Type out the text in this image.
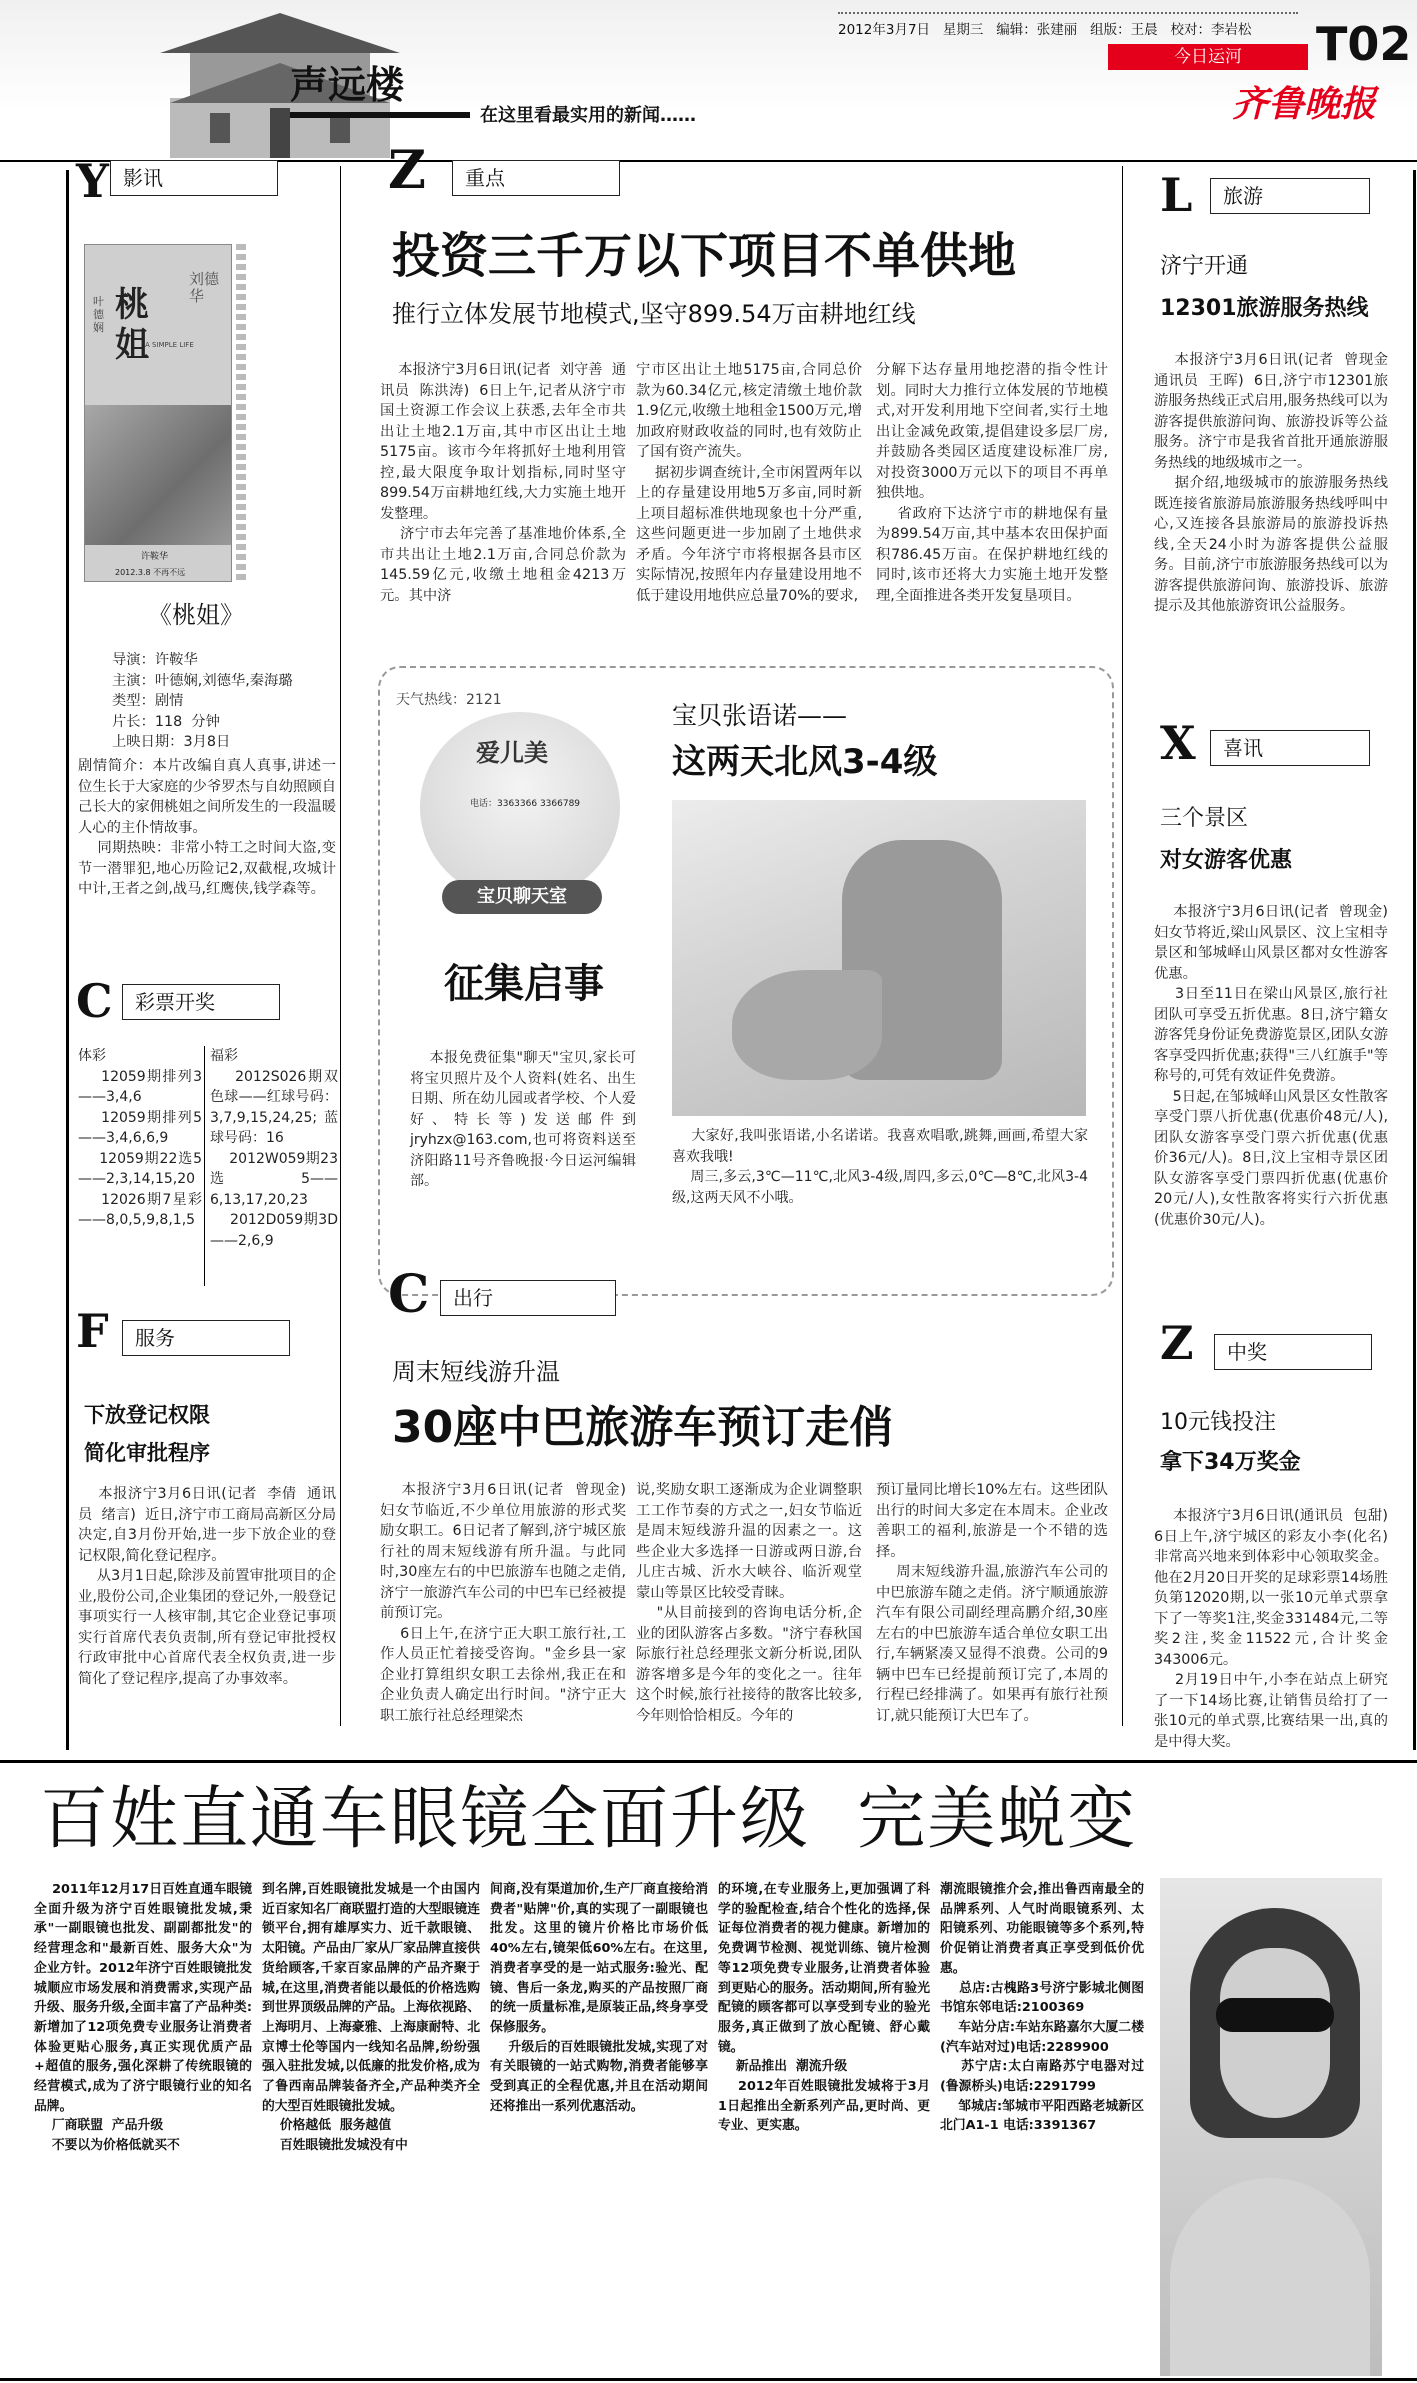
声远楼
在这里看最实用的新闻……
2012年3月7日 星期三 编辑：张建丽 组版：王晨 校对：李岩松
今日运河	T02
齐鲁晚报
Y 影讯
叶德娴
桃姐
刘德华
A SIMPLE LIFE
许鞍华
2012.3.8 不再不远
《桃姐》
导演：许鞍华
主演：叶德娴,刘德华,秦海璐
类型：剧情
片长：118  分钟
上映日期：3月8日
剧情简介：本片改编自真人真事,讲述一位生长于大家庭的少爷罗杰与自幼照顾自己长大的家佣桃姐之间所发生的一段温暖人心的主仆情故事。
同期热映：非常小特工之时间大盗,变节一潜罪犯,地心历险记2,双截棍,攻城计中计,王者之剑,战马,红鹰侠,钱学森等。
C	彩票开奖
体彩
12059期排列3——3,4,6
12059期排列5——3,4,6,6,9
12059期22选5——2,3,14,15,20
12026期7星彩——8,0,5,9,8,1,5
福彩
2012S026期双色球——红球号码：3,7,9,15,24,25;蓝球号码：16
2012W059期23选5——6,13,17,20,23
2012D059期3D——2,6,9
F	服务
下放登记权限
简化审批程序
本报济宁3月6日讯(记者  李倩  通讯员  绪言)  近日,济宁市工商局高新区分局决定,自3月份开始,进一步下放企业的登记权限,简化登记程序。
从3月1日起,除涉及前置审批项目的企业,股份公司,企业集团的登记外,一般登记事项实行一人核审制,其它企业登记事项实行首席代表负责制,所有登记审批授权行政审批中心首席代表全权负责,进一步简化了登记程序,提高了办事效率。
Z	重点
投资三千万以下项目不单供地
推行立体发展节地模式,坚守899.54万亩耕地红线
本报济宁3月6日讯(记者  刘守善  通讯员  陈洪涛)  6日上午,记者从济宁市国土资源工作会议上获悉,去年全市共出让土地2.1万亩,其中市区出让土地5175亩。该市今年将抓好土地利用管控,最大限度争取计划指标,同时坚守899.54万亩耕地红线,大力实施土地开发整理。
济宁市去年完善了基准地价体系,全市共出让土地2.1万亩,合同总价款为145.59亿元,收缴土地租金4213万元。其中济
宁市区出让土地5175亩,合同总价款为60.34亿元,核定清缴土地价款1.9亿元,收缴土地租金1500万元,增加政府财政收益的同时,也有效防止了国有资产流失。
据初步调查统计,全市闲置两年以上的存量建设用地5万多亩,同时新上项目超标准供地现象也十分严重,这些问题更进一步加剧了土地供求矛盾。今年济宁市将根据各县市区实际情况,按照年内存量建设用地不低于建设用地供应总量70%的要求,
分解下达存量用地挖潜的指令性计划。同时大力推行立体发展的节地模式,对开发利用地下空间者,实行土地出让金减免政策,提倡建设多层厂房,并鼓励各类园区适度建设标准厂房,对投资3000万元以下的项目不再单独供地。
省政府下达济宁市的耕地保有量为899.54万亩,其中基本农田保护面积786.45万亩。在保护耕地红线的同时,该市还将大力实施土地开发整理,全面推进各类开发复垦项目。
天气热线：2121
爱儿美
电话：3363366 3366789
宝贝聊天室
征集启事
本报免费征集"聊天"宝贝,家长可将宝贝照片及个人资料(姓名、出生日期、所在幼儿园或者学校、个人爱好、特长等)发送邮件到jryhzx@163.com,也可将资料送至济阳路11号齐鲁晚报·今日运河编辑部。
宝贝张语诺——
这两天北风3-4级
大家好,我叫张语诺,小名诺诺。我喜欢唱歌,跳舞,画画,希望大家喜欢我哦!
周三,多云,3℃—11℃,北风3-4级,周四,多云,0℃—8℃,北风3-4级,这两天风不小哦。
C	出行
周末短线游升温
30座中巴旅游车预订走俏
本报济宁3月6日讯(记者  曾现金)  妇女节临近,不少单位用旅游的形式奖励女职工。6日记者了解到,济宁城区旅行社的周末短线游有所升温。与此同时,30座左右的中巴旅游车也随之走俏,济宁一旅游汽车公司的中巴车已经被提前预订完。
6日上午,在济宁正大职工旅行社,工作人员正忙着接受咨询。"金乡县一家企业打算组织女职工去徐州,我正在和企业负责人确定出行时间。"济宁正大职工旅行社总经理梁杰
说,奖励女职工逐渐成为企业调整职工工作节奏的方式之一,妇女节临近是周末短线游升温的因素之一。这些企业大多选择一日游或两日游,台儿庄古城、沂水大峡谷、临沂观堂蒙山等景区比较受青睐。
"从目前接到的咨询电话分析,企业的团队游客占多数。"济宁春秋国际旅行社总经理张文新分析说,团队游客增多是今年的变化之一。往年这个时候,旅行社接待的散客比较多,今年则恰恰相反。今年的
预订量同比增长10%左右。这些团队出行的时间大多定在本周末。企业改善职工的福利,旅游是一个不错的选择。
周末短线游升温,旅游汽车公司的中巴旅游车随之走俏。济宁顺通旅游汽车有限公司副经理高鹏介绍,30座左右的中巴旅游车适合单位女职工出行,车辆紧凑又显得不浪费。公司的9辆中巴车已经提前预订完了,本周的行程已经排满了。如果再有旅行社预订,就只能预订大巴车了。
L	旅游
济宁开通
12301旅游服务热线
本报济宁3月6日讯(记者  曾现金  通讯员  王晖)  6日,济宁市12301旅游服务热线正式启用,服务热线可以为游客提供旅游问询、旅游投诉等公益服务。济宁市是我省首批开通旅游服务热线的地级城市之一。
据介绍,地级城市的旅游服务热线既连接省旅游局旅游服务热线呼叫中心,又连接各县旅游局的旅游投诉热线,全天24小时为游客提供公益服务。目前,济宁市旅游服务热线可以为游客提供旅游问询、旅游投诉、旅游提示及其他旅游资讯公益服务。
X	喜讯
三个景区
对女游客优惠
本报济宁3月6日讯(记者  曾现金)  妇女节将近,梁山风景区、汶上宝相寺景区和邹城峄山风景区都对女性游客优惠。
3日至11日在梁山风景区,旅行社团队可享受五折优惠。8日,济宁籍女游客凭身份证免费游览景区,团队女游客享受四折优惠;获得"三八红旗手"等称号的,可凭有效证件免费游。
5日起,在邹城峄山风景区女性散客享受门票八折优惠(优惠价48元/人),团队女游客享受门票六折优惠(优惠价36元/人)。8日,汶上宝相寺景区团队女游客享受门票四折优惠(优惠价20元/人),女性散客将实行六折优惠(优惠价30元/人)。
Z	中奖
10元钱投注
拿下34万奖金
本报济宁3月6日讯(通讯员  包甜)  6日上午,济宁城区的彩友小李(化名)非常高兴地来到体彩中心领取奖金。他在2月20日开奖的足球彩票14场胜负第12020期,以一张10元单式票拿下了一等奖1注,奖金331484元,二等奖2注,奖金11522元,合计奖金343006元。
2月19日中午,小李在站点上研究了一下14场比赛,让销售员给打了一张10元的单式票,比赛结果一出,真的是中得大奖。
百姓直通车眼镜全面升级  完美蜕变
2011年12月17日百姓直通车眼镜全面升级为济宁百姓眼镜批发城,秉承"一副眼镜也批发、副副都批发"的经营理念和"最新百姓、服务大众"为企业方针。2012年济宁百姓眼镜批发城顺应市场发展和消费需求,实现产品升级、服务升级,全面丰富了产品种类:新增加了12项免费专业服务让消费者体验更贴心服务,真正实现优质产品+超值的服务,强化深耕了传统眼镜的经营模式,成为了济宁眼镜行业的知名品牌。
厂商联盟  产品升级
不要以为价格低就买不
到名牌,百姓眼镜批发城是一个由国内近百家知名厂商联盟打造的大型眼镜连锁平台,拥有雄厚实力、近千款眼镜、太阳镜。产品由厂家从厂家品牌直接供货给顾客,千家百家品牌的产品齐聚于城,在这里,消费者能以最低的价格选购到世界顶级品牌的产品。上海依视路、上海明月、上海豪雅、上海康耐特、北京博士伦等国内一线知名品牌,纷纷强强入驻批发城,以低廉的批发价格,成为了鲁西南品牌装备齐全,产品种类齐全的大型百姓眼镜批发城。
价格越低  服务越值
百姓眼镜批发城没有中
间商,没有渠道加价,生产厂商直接给消费者"贴牌"价,真的实现了一副眼镜也批发。这里的镜片价格比市场价低40%左右,镜架低60%左右。在这里,消费者享受的是一站式服务:验光、配镜、售后一条龙,购买的产品按照厂商的统一质量标准,是原装正品,终身享受保修服务。
升级后的百姓眼镜批发城,实现了对有关眼镜的一站式购物,消费者能够享受到真正的全程优惠,并且在活动期间还将推出一系列优惠活动。
的环境,在专业服务上,更加强调了科学的验配检查,结合个性化的选择,保证每位消费者的视力健康。新增加的免费调节检测、视觉训练、镜片检测等12项免费专业服务,让消费者体验到更贴心的服务。活动期间,所有验光配镜的顾客都可以享受到专业的验光服务,真正做到了放心配镜、舒心戴镜。
新品推出  潮流升级
2012年百姓眼镜批发城将于3月1日起推出全新系列产品,更时尚、更专业、更实惠。
潮流眼镜推介会,推出鲁西南最全的品牌系列、人气时尚眼镜系列、太阳镜系列、功能眼镜等多个系列,特价促销让消费者真正享受到低价优惠。
总店:古槐路3号济宁影城北侧图书馆东邻电话:2100369
车站分店:车站东路嘉尔大厦二楼(汽车站对过)电话:2289900
苏宁店:太白南路苏宁电器对过(鲁源桥头)电话:2291799
邹城店:邹城市平阳西路老城新区北门A1-1 电话:3391367
